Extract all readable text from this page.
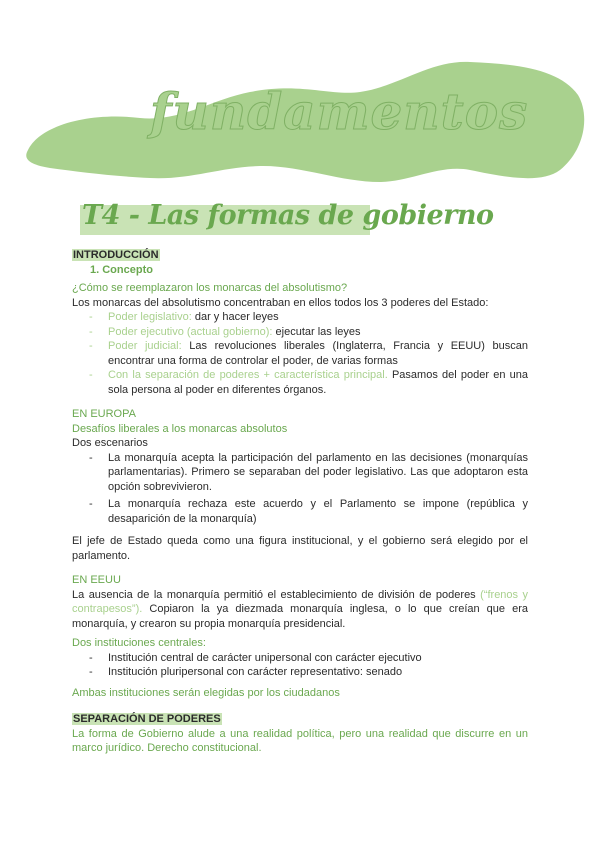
fundamentos
T4 - Las formas de gobierno

INTRODUCCIÓN

1. Concepto

¿Cómo se reemplazaron los monarcas del absolutismo?

Los monarcas del absolutismo concentraban en ellos todos los 3 poderes del Estado:

- Poder legislativo: dar y hacer leyes
- Poder ejecutivo (actual gobierno): ejecutar las leyes
- Poder judicial: Las revoluciones liberales (Inglaterra, Francia y EEUU) buscan encontrar una forma de controlar el poder, de varias formas
- Con la separación de poderes + característica principal. Pasamos del poder en una sola persona al poder en diferentes órganos.

EN EUROPA

Desafíos liberales a los monarcas absolutos

Dos escenarios

- La monarquía acepta la participación del parlamento en las decisiones (monarquías parlamentarias). Primero se separaban del poder legislativo. Las que adoptaron esta opción sobrevivieron.
- La monarquía rechaza este acuerdo y el Parlamento se impone (república y desaparición de la monarquía)

El jefe de Estado queda como una figura institucional, y el gobierno será elegido por el parlamento.

EN EEUU

La ausencia de la monarquía permitió el establecimiento de división de poderes (“frenos y contrapesos”). Copiaron la ya diezmada monarquía inglesa, o lo que creían que era monarquía, y crearon su propia monarquía presidencial.

Dos instituciones centrales:

- Institución central de carácter unipersonal con carácter ejecutivo
- Institución pluripersonal con carácter representativo: senado

Ambas instituciones serán elegidas por los ciudadanos

SEPARACIÓN DE PODERES

La forma de Gobierno alude a una realidad política, pero una realidad que discurre en un marco jurídico. Derecho constitucional.
